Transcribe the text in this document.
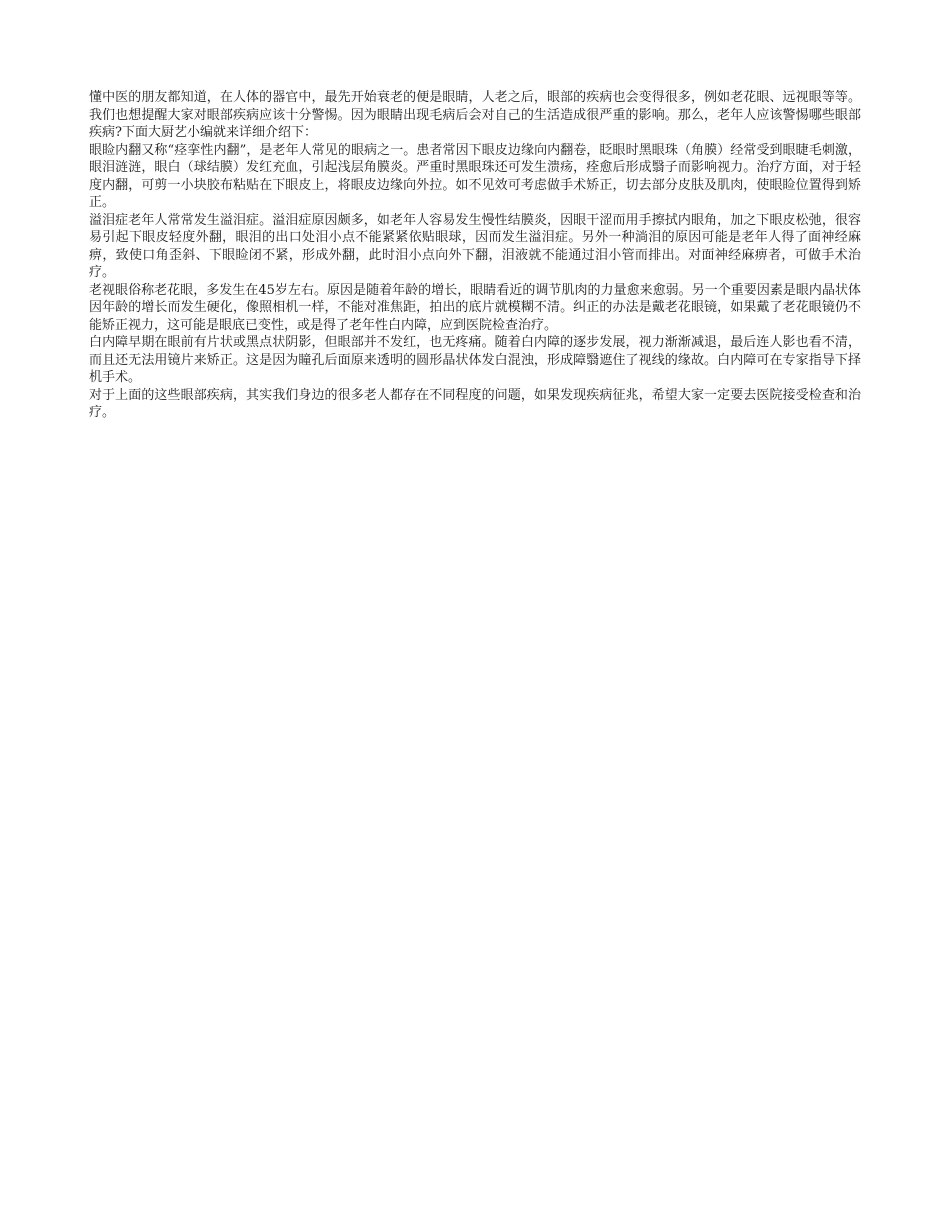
懂中医的朋友都知道，在人体的器官中，最先开始衰老的便是眼睛，人老之后，眼部的疾病也会变得很多，例如老花眼、远视眼等等。我们也想提醒大家对眼部疾病应该十分警惕。因为眼睛出现毛病后会对自己的生活造成很严重的影响。那么，老年人应该警惕哪些眼部疾病?下面大厨艺小编就来详细介绍下：

眼睑内翻又称“痉挛性内翻”，是老年人常见的眼病之一。患者常因下眼皮边缘向内翻卷，眨眼时黑眼珠（角膜）经常受到眼睫毛刺激，眼泪涟涟，眼白（球结膜）发红充血，引起浅层角膜炎。严重时黑眼珠还可发生溃疡，痊愈后形成翳子而影响视力。治疗方面，对于轻度内翻，可剪一小块胶布粘贴在下眼皮上，将眼皮边缘向外拉。如不见效可考虑做手术矫正，切去部分皮肤及肌肉，使眼睑位置得到矫正。

溢泪症老年人常常发生溢泪症。溢泪症原因颇多，如老年人容易发生慢性结膜炎，因眼干涩而用手擦拭内眼角，加之下眼皮松弛，很容易引起下眼皮轻度外翻，眼泪的出口处泪小点不能紧紧依贴眼球，因而发生溢泪症。另外一种淌泪的原因可能是老年人得了面神经麻痹，致使口角歪斜、下眼睑闭不紧，形成外翻，此时泪小点向外下翻，泪液就不能通过泪小管而排出。对面神经麻痹者，可做手术治疗。

老视眼俗称老花眼，多发生在45岁左右。原因是随着年龄的增长，眼睛看近的调节肌肉的力量愈来愈弱。另一个重要因素是眼内晶状体因年龄的增长而发生硬化，像照相机一样，不能对准焦距，拍出的底片就模糊不清。纠正的办法是戴老花眼镜，如果戴了老花眼镜仍不能矫正视力，这可能是眼底已变性，或是得了老年性白内障，应到医院检查治疗。

白内障早期在眼前有片状或黑点状阴影，但眼部并不发红，也无疼痛。随着白内障的逐步发展，视力渐渐减退，最后连人影也看不清，而且还无法用镜片来矫正。这是因为瞳孔后面原来透明的圆形晶状体发白混浊，形成障翳遮住了视线的缘故。白内障可在专家指导下择机手术。

对于上面的这些眼部疾病，其实我们身边的很多老人都存在不同程度的问题，如果发现疾病征兆，希望大家一定要去医院接受检查和治疗。
